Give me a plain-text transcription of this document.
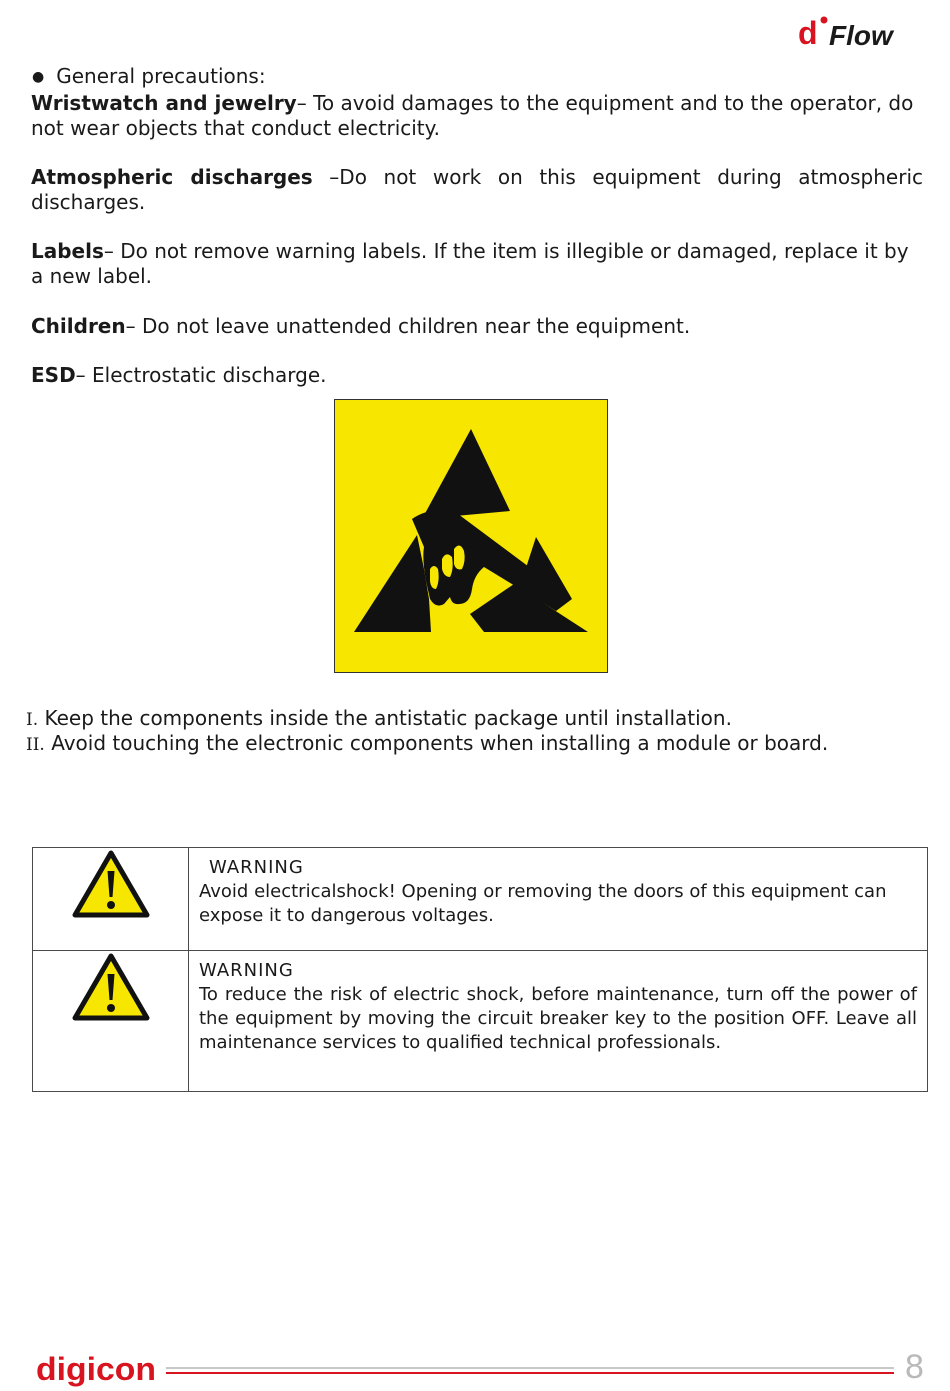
d Flow
● General precautions:
Wristwatch and jewelry– To avoid damages to the equipment and to the operator, do not wear objects that conduct electricity.
Atmospheric discharges –Do not work on this equipment during atmospheric discharges.
Labels– Do not remove warning labels. If the item is illegible or damaged, replace it by a new label.
Children– Do not leave unattended children near the equipment.
ESD– Electrostatic discharge.
I. Keep the components inside the antistatic package until installation.
II. Avoid touching the electronic components when installing a module or board.

WARNING
Avoid electricalshock! Opening or removing the doors of this equipment can expose it to dangerous voltages.

WARNING
To reduce the risk of electric shock, before maintenance, turn off the power of the equipment by moving the circuit breaker key to the position OFF. Leave all maintenance services to qualified technical professionals.
digicon	8
